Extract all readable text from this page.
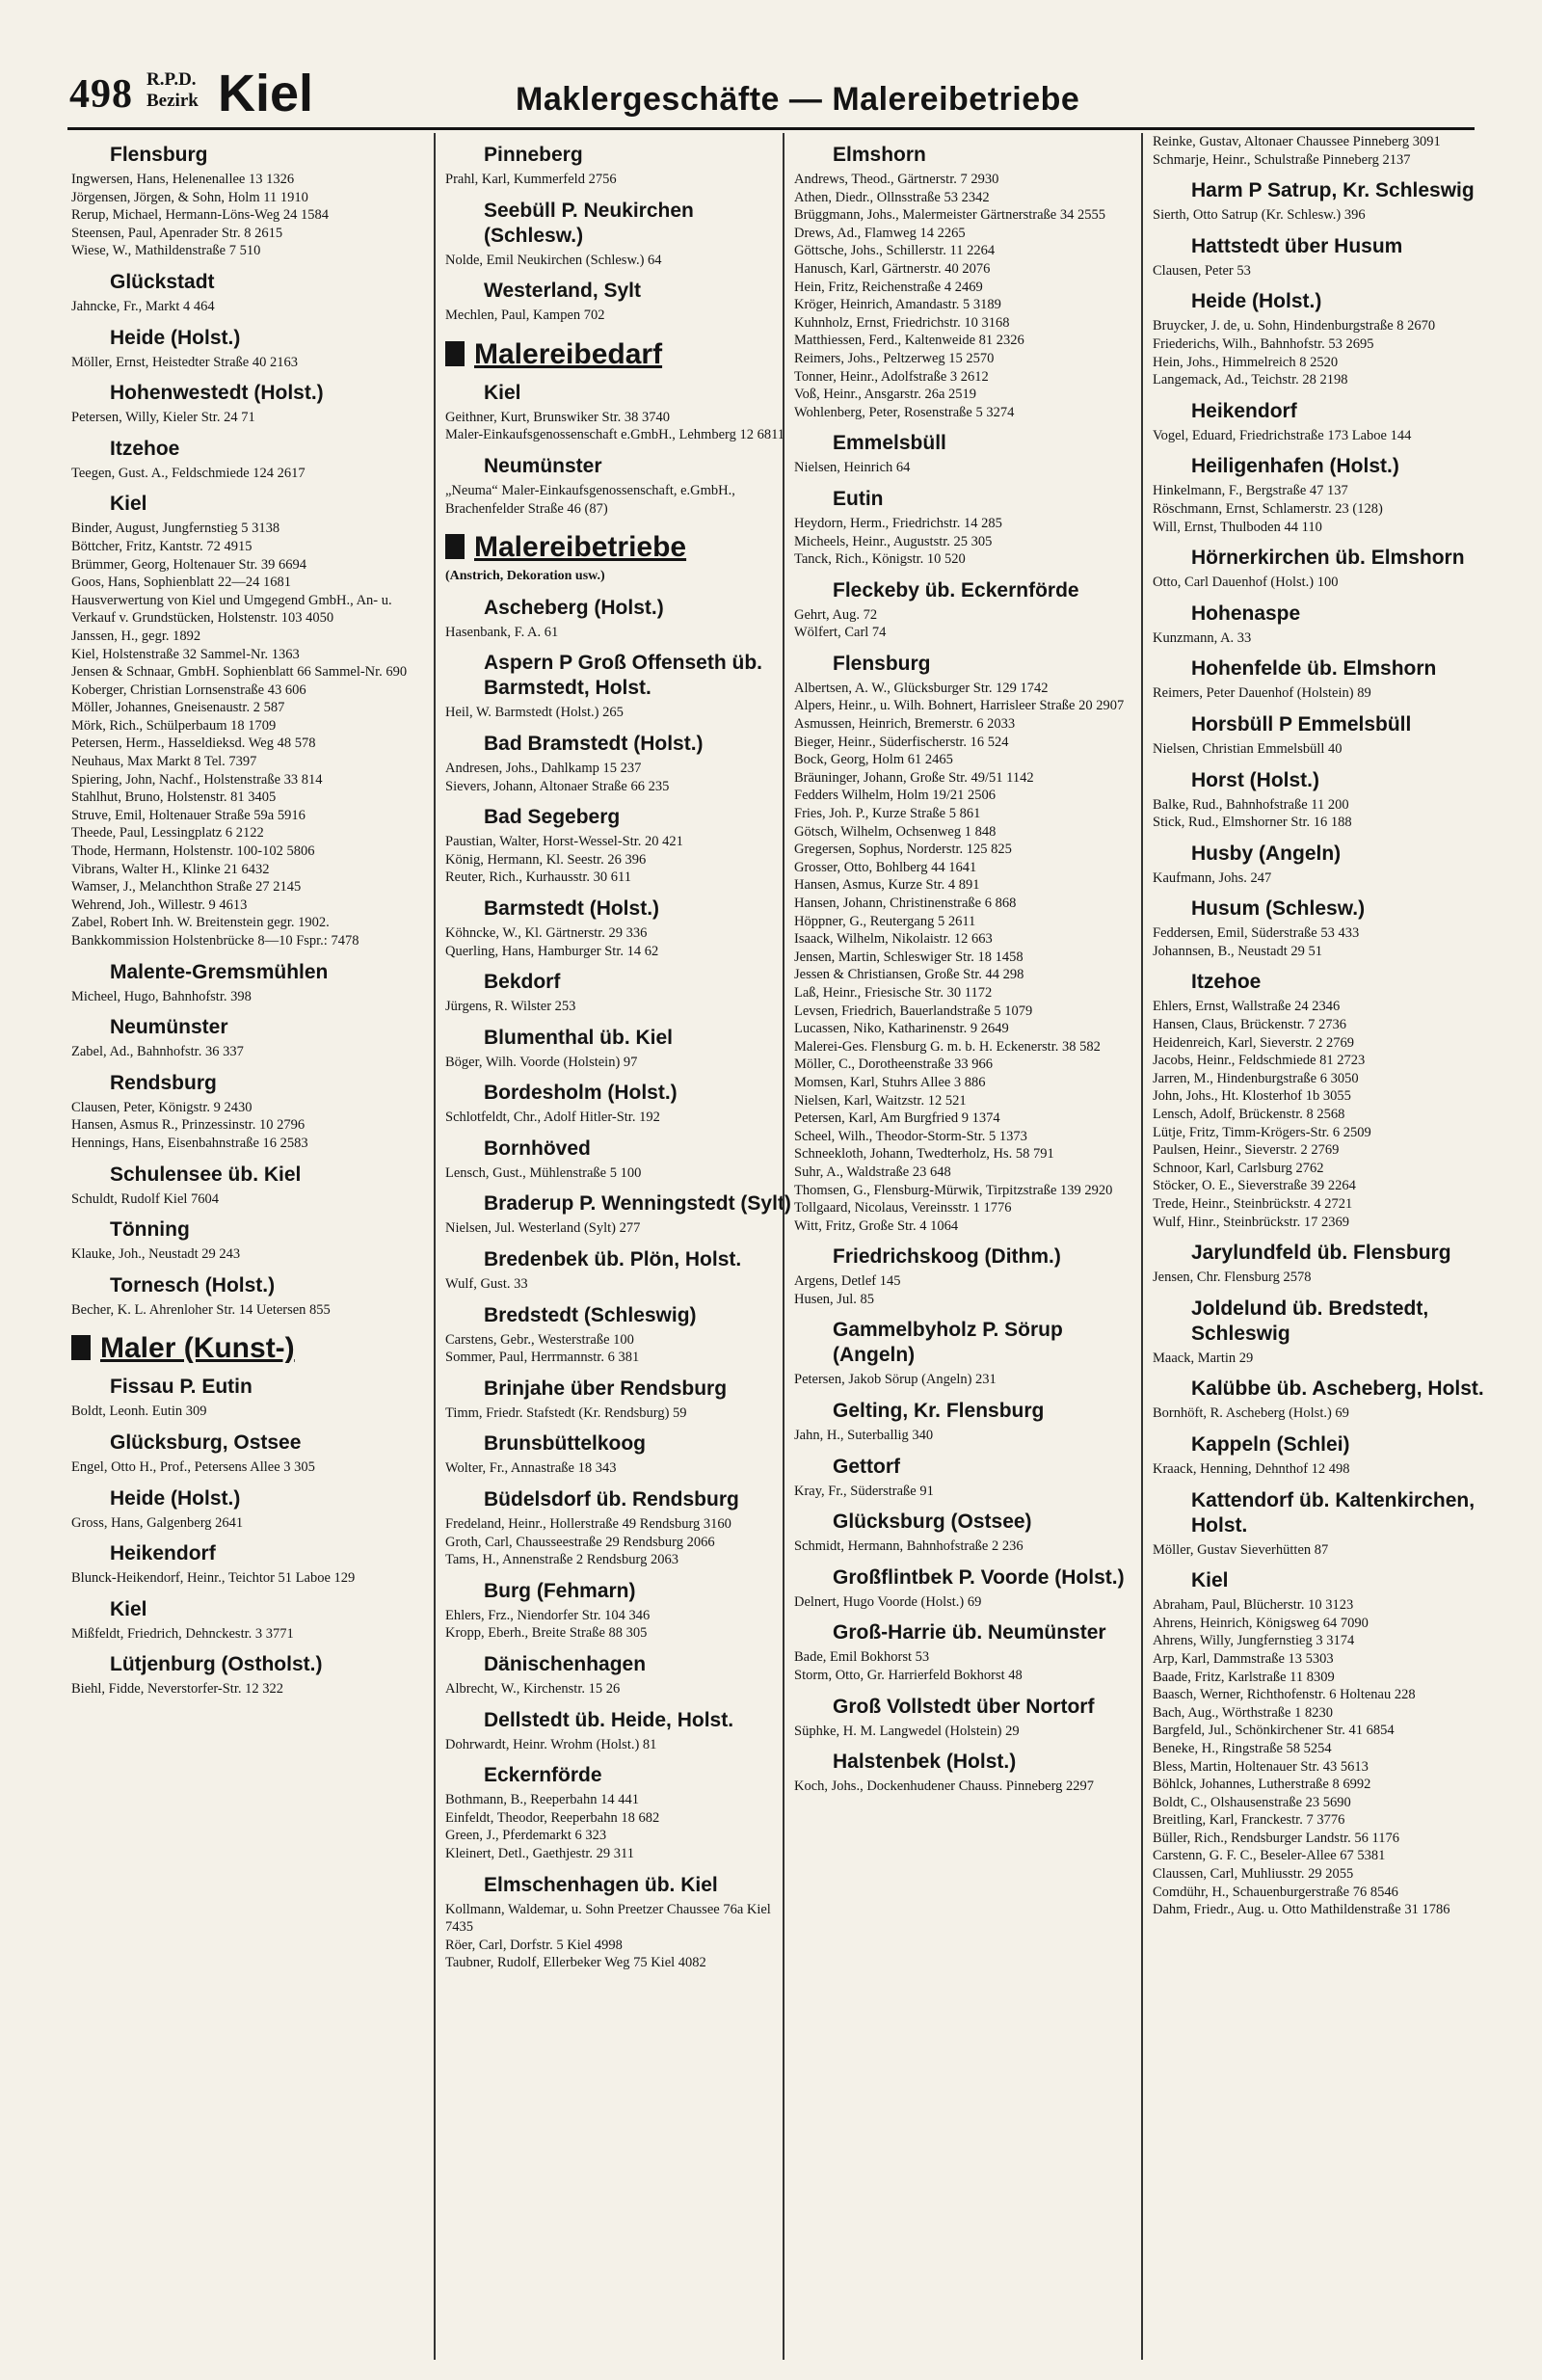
498 R.P.D.
Bezirk Kiel	Maklergeschäfte — Malereibetriebe
Flensburg
Ingwersen, Hans, Helenenallee 13 1326
Jörgensen, Jörgen, & Sohn, Holm 11 1910
Rerup, Michael, Hermann-Löns-Weg 24 1584
Steensen, Paul, Apenrader Str. 8 2615
Wiese, W., Mathildenstraße 7 510
Glückstadt
Jahncke, Fr., Markt 4 464
Heide (Holst.)
Möller, Ernst, Heistedter Straße 40 2163
Hohenwestedt (Holst.)
Petersen, Willy, Kieler Str. 24 71
Itzehoe
Teegen, Gust. A., Feldschmiede 124 2617
Kiel
Binder, August, Jungfernstieg 5 3138
Böttcher, Fritz, Kantstr. 72 4915
Brümmer, Georg, Holtenauer Str. 39 6694
Goos, Hans, Sophienblatt 22—24 1681
Hausverwertung von Kiel und Umgegend GmbH., An- u. Verkauf v. Grundstücken, Holstenstr. 103 4050
Janssen, H., gegr. 1892
Kiel, Holstenstraße 32 Sammel-Nr. 1363
Jensen & Schnaar, GmbH. Sophienblatt 66 Sammel-Nr. 690
Koberger, Christian Lornsenstraße 43 606
Möller, Johannes, Gneisenaustr. 2 587
Mörk, Rich., Schülperbaum 18 1709
Petersen, Herm., Hasseldieksd. Weg 48 578
Neuhaus, Max Markt 8 Tel. 7397
Spiering, John, Nachf., Holstenstraße 33 814
Stahlhut, Bruno, Holstenstr. 81 3405
Struve, Emil, Holtenauer Straße 59a 5916
Theede, Paul, Lessingplatz 6 2122
Thode, Hermann, Holstenstr. 100-102 5806
Vibrans, Walter H., Klinke 21 6432
Wamser, J., Melanchthon Straße 27 2145
Wehrend, Joh., Willestr. 9 4613
Zabel, Robert Inh. W. Breitenstein gegr. 1902. Bankkommission Holstenbrücke 8—10 Fspr.: 7478
Malente-Gremsmühlen
Micheel, Hugo, Bahnhofstr. 398
Neumünster
Zabel, Ad., Bahnhofstr. 36 337
Rendsburg
Clausen, Peter, Königstr. 9 2430
Hansen, Asmus R., Prinzessinstr. 10 2796
Hennings, Hans, Eisenbahnstraße 16 2583
Schulensee üb. Kiel
Schuldt, Rudolf Kiel 7604
Tönning
Klauke, Joh., Neustadt 29 243
Tornesch (Holst.)
Becher, K. L. Ahrenloher Str. 14 Uetersen 855
Maler (Kunst-)
Fissau P. Eutin
Boldt, Leonh. Eutin 309
Glücksburg, Ostsee
Engel, Otto H., Prof., Petersens Allee 3 305
Heide (Holst.)
Gross, Hans, Galgenberg 2641
Heikendorf
Blunck-Heikendorf, Heinr., Teichtor 51 Laboe 129
Kiel
Mißfeldt, Friedrich, Dehnckestr. 3 3771
Lütjenburg (Ostholst.)
Biehl, Fidde, Neverstorfer-Str. 12 322
Pinneberg
Prahl, Karl, Kummerfeld 2756
Seebüll P. Neukirchen (Schlesw.)
Nolde, Emil Neukirchen (Schlesw.) 64
Westerland, Sylt
Mechlen, Paul, Kampen 702
Malereibedarf
Kiel
Geithner, Kurt, Brunswiker Str. 38 3740
Maler-Einkaufsgenossenschaft e.GmbH., Lehmberg 12 6811
Neumünster
„Neuma“ Maler-Einkaufsgenossenschaft, e.GmbH., Brachenfelder Straße 46 (87)
Malereibetriebe
(Anstrich, Dekoration usw.)
Ascheberg (Holst.)
Hasenbank, F. A. 61
Aspern P Groß Offenseth üb. Barmstedt, Holst.
Heil, W. Barmstedt (Holst.) 265
Bad Bramstedt (Holst.)
Andresen, Johs., Dahlkamp 15 237
Sievers, Johann, Altonaer Straße 66 235
Bad Segeberg
Paustian, Walter, Horst-Wessel-Str. 20 421
König, Hermann, Kl. Seestr. 26 396
Reuter, Rich., Kurhausstr. 30 611
Barmstedt (Holst.)
Köhncke, W., Kl. Gärtnerstr. 29 336
Querling, Hans, Hamburger Str. 14 62
Bekdorf
Jürgens, R. Wilster 253
Blumenthal üb. Kiel
Böger, Wilh. Voorde (Holstein) 97
Bordesholm (Holst.)
Schlotfeldt, Chr., Adolf Hitler-Str. 192
Bornhöved
Lensch, Gust., Mühlenstraße 5 100
Braderup P. Wenningstedt (Sylt)
Nielsen, Jul. Westerland (Sylt) 277
Bredenbek üb. Plön, Holst.
Wulf, Gust. 33
Bredstedt (Schleswig)
Carstens, Gebr., Westerstraße 100
Sommer, Paul, Herrmannstr. 6 381
Brinjahe über Rendsburg
Timm, Friedr. Stafstedt (Kr. Rendsburg) 59
Brunsbüttelkoog
Wolter, Fr., Annastraße 18 343
Büdelsdorf üb. Rendsburg
Fredeland, Heinr., Hollerstraße 49 Rendsburg 3160
Groth, Carl, Chausseestraße 29 Rendsburg 2066
Tams, H., Annenstraße 2 Rendsburg 2063
Burg (Fehmarn)
Ehlers, Frz., Niendorfer Str. 104 346
Kropp, Eberh., Breite Straße 88 305
Dänischenhagen
Albrecht, W., Kirchenstr. 15 26
Dellstedt üb. Heide, Holst.
Dohrwardt, Heinr. Wrohm (Holst.) 81
Eckernförde
Bothmann, B., Reeperbahn 14 441
Einfeldt, Theodor, Reeperbahn 18 682
Green, J., Pferdemarkt 6 323
Kleinert, Detl., Gaethjestr. 29 311
Elmschenhagen üb. Kiel
Kollmann, Waldemar, u. Sohn Preetzer Chaussee 76a Kiel 7435
Röer, Carl, Dorfstr. 5 Kiel 4998
Taubner, Rudolf, Ellerbeker Weg 75 Kiel 4082
Elmshorn
Andrews, Theod., Gärtnerstr. 7 2930
Athen, Diedr., Ollnsstraße 53 2342
Brüggmann, Johs., Malermeister Gärtnerstraße 34 2555
Drews, Ad., Flamweg 14 2265
Göttsche, Johs., Schillerstr. 11 2264
Hanusch, Karl, Gärtnerstr. 40 2076
Hein, Fritz, Reichenstraße 4 2469
Kröger, Heinrich, Amandastr. 5 3189
Kuhnholz, Ernst, Friedrichstr. 10 3168
Matthiessen, Ferd., Kaltenweide 81 2326
Reimers, Johs., Peltzerweg 15 2570
Tonner, Heinr., Adolfstraße 3 2612
Voß, Heinr., Ansgarstr. 26a 2519
Wohlenberg, Peter, Rosenstraße 5 3274
Emmelsbüll
Nielsen, Heinrich 64
Eutin
Heydorn, Herm., Friedrichstr. 14 285
Micheels, Heinr., Auguststr. 25 305
Tanck, Rich., Königstr. 10 520
Fleckeby üb. Eckernförde
Gehrt, Aug. 72
Wölfert, Carl 74
Flensburg
Albertsen, A. W., Glücksburger Str. 129 1742
Alpers, Heinr., u. Wilh. Bohnert, Harrisleer Straße 20 2907
Asmussen, Heinrich, Bremerstr. 6 2033
Bieger, Heinr., Süderfischerstr. 16 524
Bock, Georg, Holm 61 2465
Bräuninger, Johann, Große Str. 49/51 1142
Fedders Wilhelm, Holm 19/21 2506
Fries, Joh. P., Kurze Straße 5 861
Götsch, Wilhelm, Ochsenweg 1 848
Gregersen, Sophus, Norderstr. 125 825
Grosser, Otto, Bohlberg 44 1641
Hansen, Asmus, Kurze Str. 4 891
Hansen, Johann, Christinenstraße 6 868
Höppner, G., Reutergang 5 2611
Isaack, Wilhelm, Nikolaistr. 12 663
Jensen, Martin, Schleswiger Str. 18 1458
Jessen & Christiansen, Große Str. 44 298
Laß, Heinr., Friesische Str. 30 1172
Levsen, Friedrich, Bauerlandstraße 5 1079
Lucassen, Niko, Katharinenstr. 9 2649
Malerei-Ges. Flensburg G. m. b. H. Eckenerstr. 38 582
Möller, C., Dorotheenstraße 33 966
Momsen, Karl, Stuhrs Allee 3 886
Nielsen, Karl, Waitzstr. 12 521
Petersen, Karl, Am Burgfried 9 1374
Scheel, Wilh., Theodor-Storm-Str. 5 1373
Schneekloth, Johann, Twedterholz, Hs. 58 791
Suhr, A., Waldstraße 23 648
Thomsen, G., Flensburg-Mürwik, Tirpitzstraße 139 2920
Tollgaard, Nicolaus, Vereinsstr. 1 1776
Witt, Fritz, Große Str. 4 1064
Friedrichskoog (Dithm.)
Argens, Detlef 145
Husen, Jul. 85
Gammelbyholz P. Sörup (Angeln)
Petersen, Jakob Sörup (Angeln) 231
Gelting, Kr. Flensburg
Jahn, H., Suterballig 340
Gettorf
Kray, Fr., Süderstraße 91
Glücksburg (Ostsee)
Schmidt, Hermann, Bahnhofstraße 2 236
Großflintbek P. Voorde (Holst.)
Delnert, Hugo Voorde (Holst.) 69
Groß-Harrie üb. Neumünster
Bade, Emil Bokhorst 53
Storm, Otto, Gr. Harrierfeld Bokhorst 48
Groß Vollstedt über Nortorf
Süphke, H. M. Langwedel (Holstein) 29
Halstenbek (Holst.)
Koch, Johs., Dockenhudener Chauss. Pinneberg 2297
Reinke, Gustav, Altonaer Chaussee Pinneberg 3091
Schmarje, Heinr., Schulstraße Pinneberg 2137
Harm P Satrup, Kr. Schleswig
Sierth, Otto Satrup (Kr. Schlesw.) 396
Hattstedt über Husum
Clausen, Peter 53
Heide (Holst.)
Bruycker, J. de, u. Sohn, Hindenburgstraße 8 2670
Friederichs, Wilh., Bahnhofstr. 53 2695
Hein, Johs., Himmelreich 8 2520
Langemack, Ad., Teichstr. 28 2198
Heikendorf
Vogel, Eduard, Friedrichstraße 173 Laboe 144
Heiligenhafen (Holst.)
Hinkelmann, F., Bergstraße 47 137
Röschmann, Ernst, Schlamerstr. 23 (128)
Will, Ernst, Thulboden 44 110
Hörnerkirchen üb. Elmshorn
Otto, Carl Dauenhof (Holst.) 100
Hohenaspe
Kunzmann, A. 33
Hohenfelde üb. Elmshorn
Reimers, Peter Dauenhof (Holstein) 89
Horsbüll P Emmelsbüll
Nielsen, Christian Emmelsbüll 40
Horst (Holst.)
Balke, Rud., Bahnhofstraße 11 200
Stick, Rud., Elmshorner Str. 16 188
Husby (Angeln)
Kaufmann, Johs. 247
Husum (Schlesw.)
Feddersen, Emil, Süderstraße 53 433
Johannsen, B., Neustadt 29 51
Itzehoe
Ehlers, Ernst, Wallstraße 24 2346
Hansen, Claus, Brückenstr. 7 2736
Heidenreich, Karl, Sieverstr. 2 2769
Jacobs, Heinr., Feldschmiede 81 2723
Jarren, M., Hindenburgstraße 6 3050
John, Johs., Ht. Klosterhof 1b 3055
Lensch, Adolf, Brückenstr. 8 2568
Lütje, Fritz, Timm-Krögers-Str. 6 2509
Paulsen, Heinr., Sieverstr. 2 2769
Schnoor, Karl, Carlsburg 2762
Stöcker, O. E., Sieverstraße 39 2264
Trede, Heinr., Steinbrückstr. 4 2721
Wulf, Hinr., Steinbrückstr. 17 2369
Jarylundfeld üb. Flensburg
Jensen, Chr. Flensburg 2578
Joldelund üb. Bredstedt, Schleswig
Maack, Martin 29
Kalübbe üb. Ascheberg, Holst.
Bornhöft, R. Ascheberg (Holst.) 69
Kappeln (Schlei)
Kraack, Henning, Dehnthof 12 498
Kattendorf üb. Kaltenkirchen, Holst.
Möller, Gustav Sieverhütten 87
Kiel
Abraham, Paul, Blücherstr. 10 3123
Ahrens, Heinrich, Königsweg 64 7090
Ahrens, Willy, Jungfernstieg 3 3174
Arp, Karl, Dammstraße 13 5303
Baade, Fritz, Karlstraße 11 8309
Baasch, Werner, Richthofenstr. 6 Holtenau 228
Bach, Aug., Wörthstraße 1 8230
Bargfeld, Jul., Schönkirchener Str. 41 6854
Beneke, H., Ringstraße 58 5254
Bless, Martin, Holtenauer Str. 43 5613
Böhlck, Johannes, Lutherstraße 8 6992
Boldt, C., Olshausenstraße 23 5690
Breitling, Karl, Franckestr. 7 3776
Büller, Rich., Rendsburger Landstr. 56 1176
Carstenn, G. F. C., Beseler-Allee 67 5381
Claussen, Carl, Muhliusstr. 29 2055
Comdühr, H., Schauenburgerstraße 76 8546
Dahm, Friedr., Aug. u. Otto Mathildenstraße 31 1786
